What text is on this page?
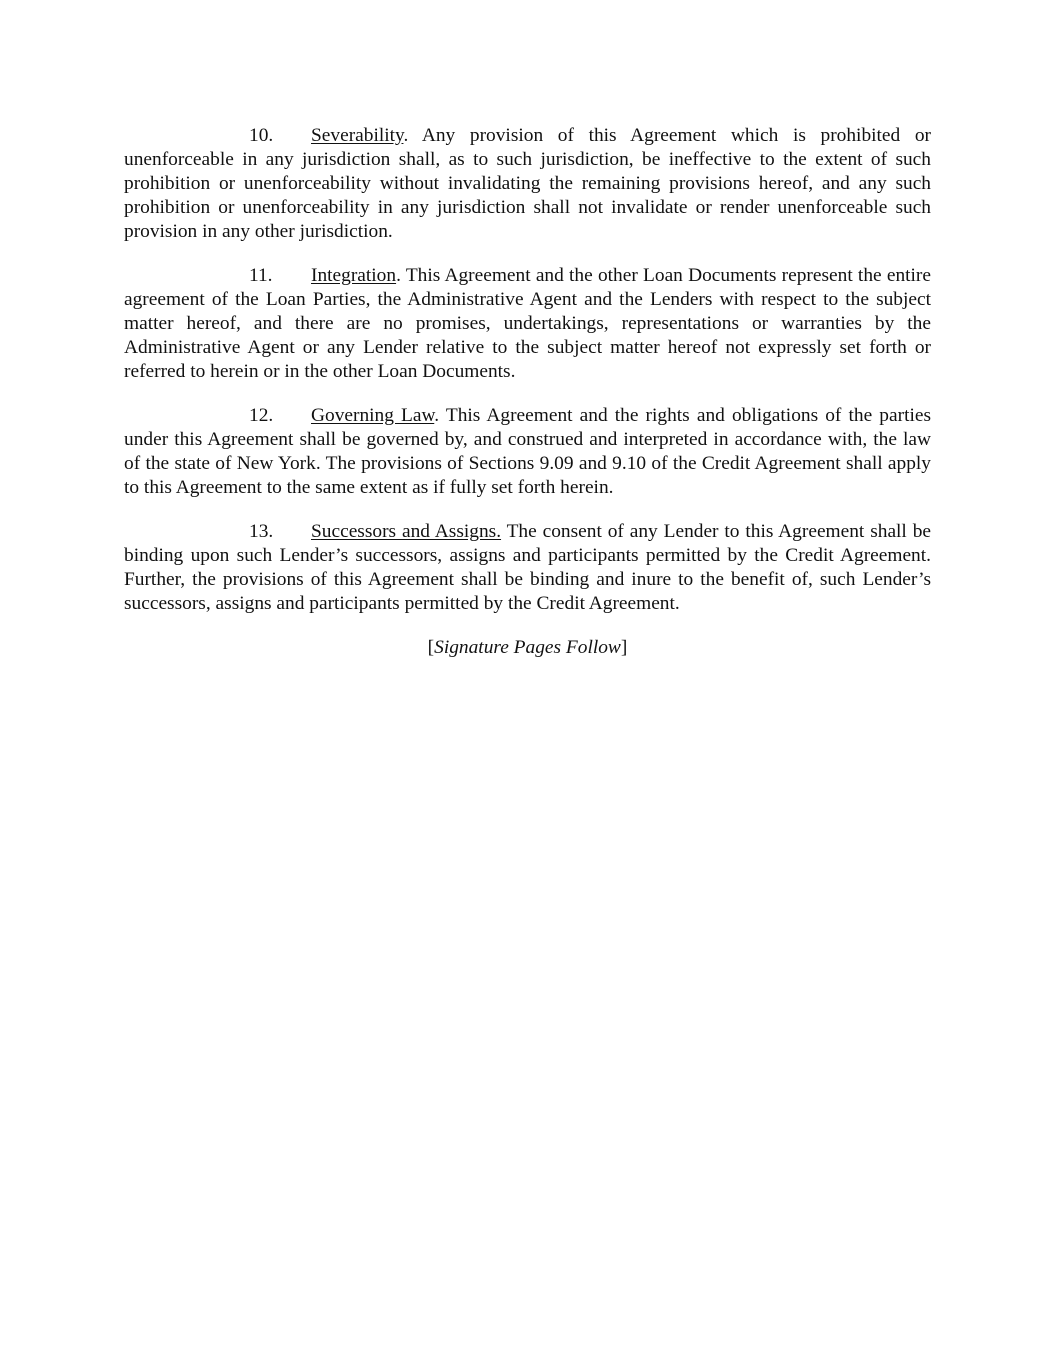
10. Severability. Any provision of this Agreement which is prohibited or unenforceable in any jurisdiction shall, as to such jurisdiction, be ineffective to the extent of such prohibition or unenforceability without invalidating the remaining provisions hereof, and any such prohibition or unenforceability in any jurisdiction shall not invalidate or render unenforceable such provision in any other jurisdiction.

11. Integration. This Agreement and the other Loan Documents represent the entire agreement of the Loan Parties, the Administrative Agent and the Lenders with respect to the subject matter hereof, and there are no promises, undertakings, representations or warranties by the Administrative Agent or any Lender relative to the subject matter hereof not expressly set forth or referred to herein or in the other Loan Documents.

12. Governing Law. This Agreement and the rights and obligations of the parties under this Agreement shall be governed by, and construed and interpreted in accordance with, the law of the state of New York. The provisions of Sections 9.09 and 9.10 of the Credit Agreement shall apply to this Agreement to the same extent as if fully set forth herein.

13. Successors and Assigns. The consent of any Lender to this Agreement shall be binding upon such Lender’s successors, assigns and participants permitted by the Credit Agreement. Further, the provisions of this Agreement shall be binding and inure to the benefit of, such Lender’s successors, assigns and participants permitted by the Credit Agreement.

[Signature Pages Follow]
